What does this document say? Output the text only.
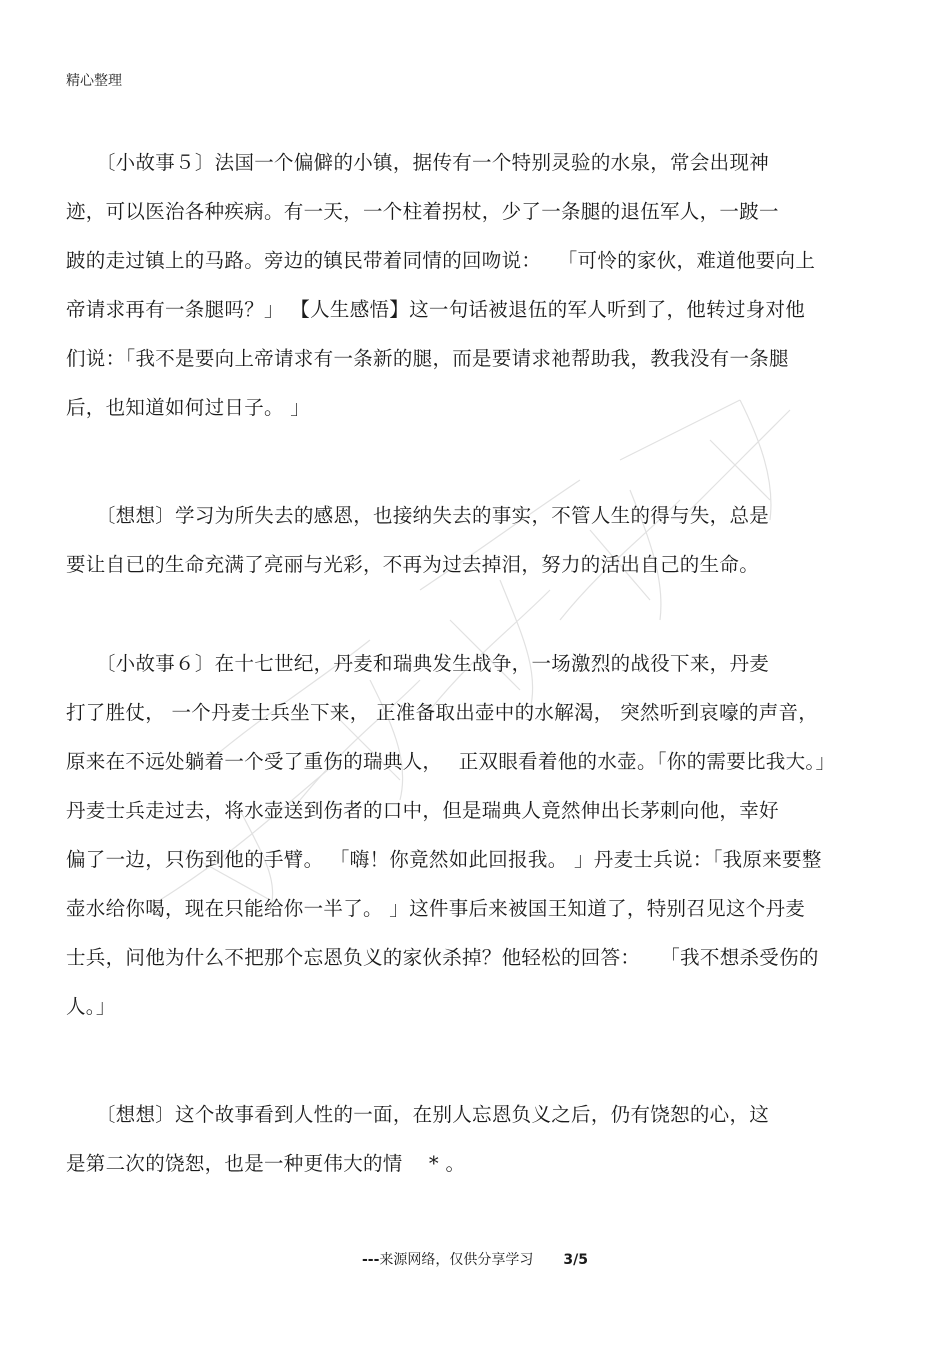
精心整理
　　〔小故事５〕法国一个偏僻的小镇，据传有一个特别灵验的水泉，常会出现神
迹，可以医治各种疾病。有一天，一个柱着拐杖，少了一条腿的退伍军人，一跛一
跛的走过镇上的马路。旁边的镇民带着同情的回吻说：　 「可怜的家伙，难道他要向上
帝请求再有一条腿吗？」 【人生感悟】这一句话被退伍的军人听到了，他转过身对他
们说：「我不是要向上帝请求有一条新的腿，而是要请求祂帮助我，教我没有一条腿
后，也知道如何过日子。 」
　　〔想想〕学习为所失去的感恩，也接纳失去的事实，不管人生的得与失，总是
要让自已的生命充满了亮丽与光彩，不再为过去掉泪，努力的活出自己的生命。
　　〔小故事６〕在十七世纪，丹麦和瑞典发生战争，一场激烈的战役下来，丹麦
打了胜仗， 一个丹麦士兵坐下来， 正准备取出壶中的水解渴， 突然听到哀嚎的声音，
原来在不远处躺着一个受了重伤的瑞典人，　 正双眼看着他的水壶。「你的需要比我大。」
丹麦士兵走过去，将水壶送到伤者的口中，但是瑞典人竟然伸出长茅刺向他，幸好
偏了一边，只伤到他的手臂。 「嗨！你竟然如此回报我。 」丹麦士兵说：「我原来要整
壶水给你喝，现在只能给你一半了。 」这件事后来被国王知道了，特别召见这个丹麦
士兵，问他为什么不把那个忘恩负义的家伙杀掉？他轻松的回答：　　「我不想杀受伤的
人。」
　　〔想想〕这个故事看到人性的一面，在别人忘恩负义之后，仍有饶恕的心，这
是第二次的饶恕，也是一种更伟大的情　 * 。
---来源网络，仅供分享学习 3/5
